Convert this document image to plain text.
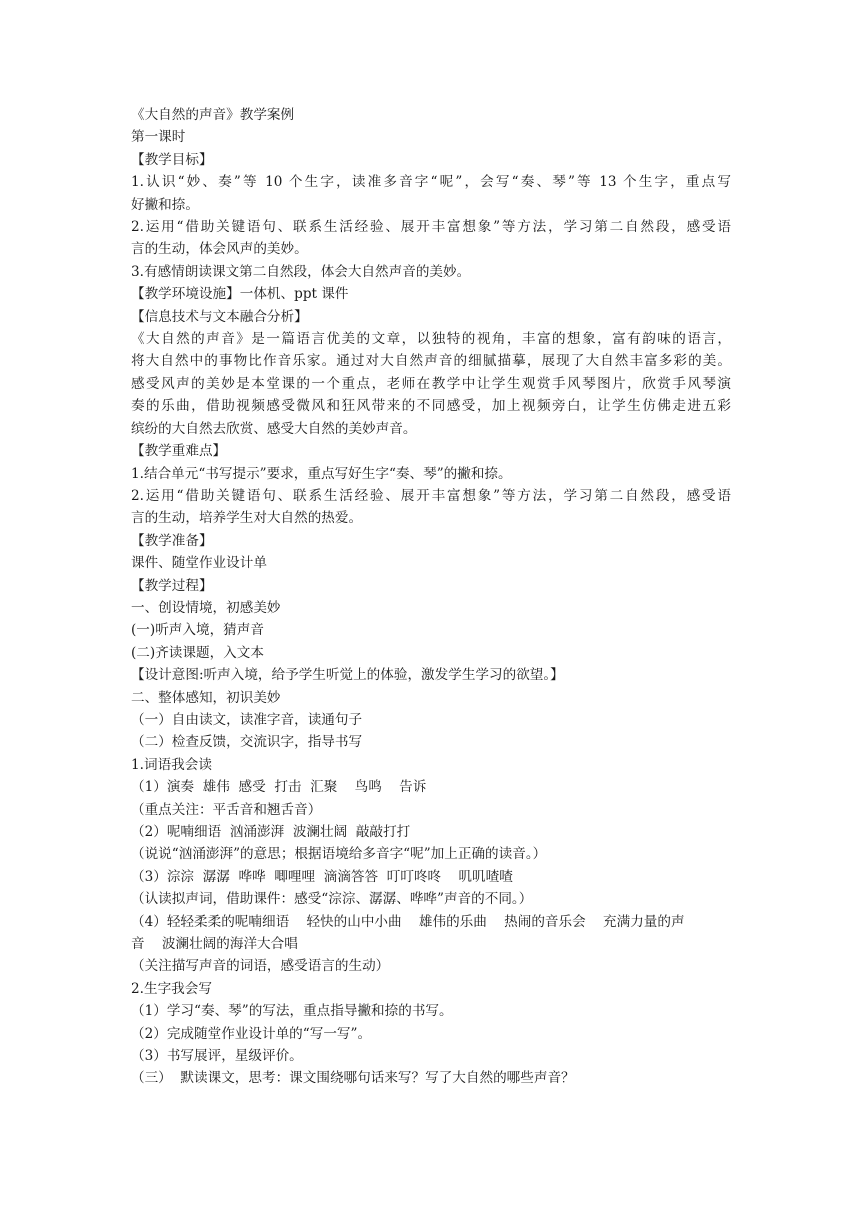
《大自然的声音》教学案例
第一课时
【教学目标】
1.认识“妙、奏”等 10 个生字，读准多音字“呢”，会写“奏、琴”等 13 个生字，重点写
好撇和捺。
2.运用“借助关键语句、联系生活经验、展开丰富想象”等方法，学习第二自然段，感受语
言的生动，体会风声的美妙。
3.有感情朗读课文第二自然段，体会大自然声音的美妙。
【教学环境设施】一体机、ppt 课件
【信息技术与文本融合分析】
《大自然的声音》是一篇语言优美的文章，以独特的视角，丰富的想象，富有韵味的语言，
将大自然中的事物比作音乐家。通过对大自然声音的细腻描摹，展现了大自然丰富多彩的美。
感受风声的美妙是本堂课的一个重点，老师在教学中让学生观赏手风琴图片，欣赏手风琴演
奏的乐曲，借助视频感受微风和狂风带来的不同感受，加上视频旁白，让学生仿佛走进五彩
缤纷的大自然去欣赏、感受大自然的美妙声音。
【教学重难点】
1.结合单元“书写提示”要求，重点写好生字“奏、琴”的撇和捺。
2.运用“借助关键语句、联系生活经验、展开丰富想象”等方法，学习第二自然段，感受语
言的生动，培养学生对大自然的热爱。
【教学准备】
课件、随堂作业设计单
【教学过程】
一、创设情境，初感美妙
(一)听声入境，猜声音
(二)齐读课题，入文本
【设计意图:听声入境，给予学生听觉上的体验，激发学生学习的欲望。】
二、整体感知，初识美妙
（一）自由读文，读准字音，读通句子
（二）检查反馈，交流识字，指导书写
1.词语我会读
（1）演奏  雄伟  感受  打击  汇聚    鸟鸣    告诉
（重点关注：平舌音和翘舌音）
（2）呢喃细语  汹涌澎湃  波澜壮阔  敲敲打打
（说说“汹涌澎湃”的意思；根据语境给多音字“呢”加上正确的读音。）
（3）淙淙  潺潺  哗哗  唧哩哩  滴滴答答  叮叮咚咚    叽叽喳喳
（认读拟声词，借助课件：感受“淙淙、潺潺、哗哗”声音的不同。）
（4）轻轻柔柔的呢喃细语    轻快的山中小曲    雄伟的乐曲    热闹的音乐会    充满力量的声
音    波澜壮阔的海洋大合唱
（关注描写声音的词语，感受语言的生动）
2.生字我会写
（1）学习“奏、琴”的写法，重点指导撇和捺的书写。
（2）完成随堂作业设计单的“写一写”。
（3）书写展评，星级评价。
（三）  默读课文，思考：课文围绕哪句话来写？写了大自然的哪些声音？
